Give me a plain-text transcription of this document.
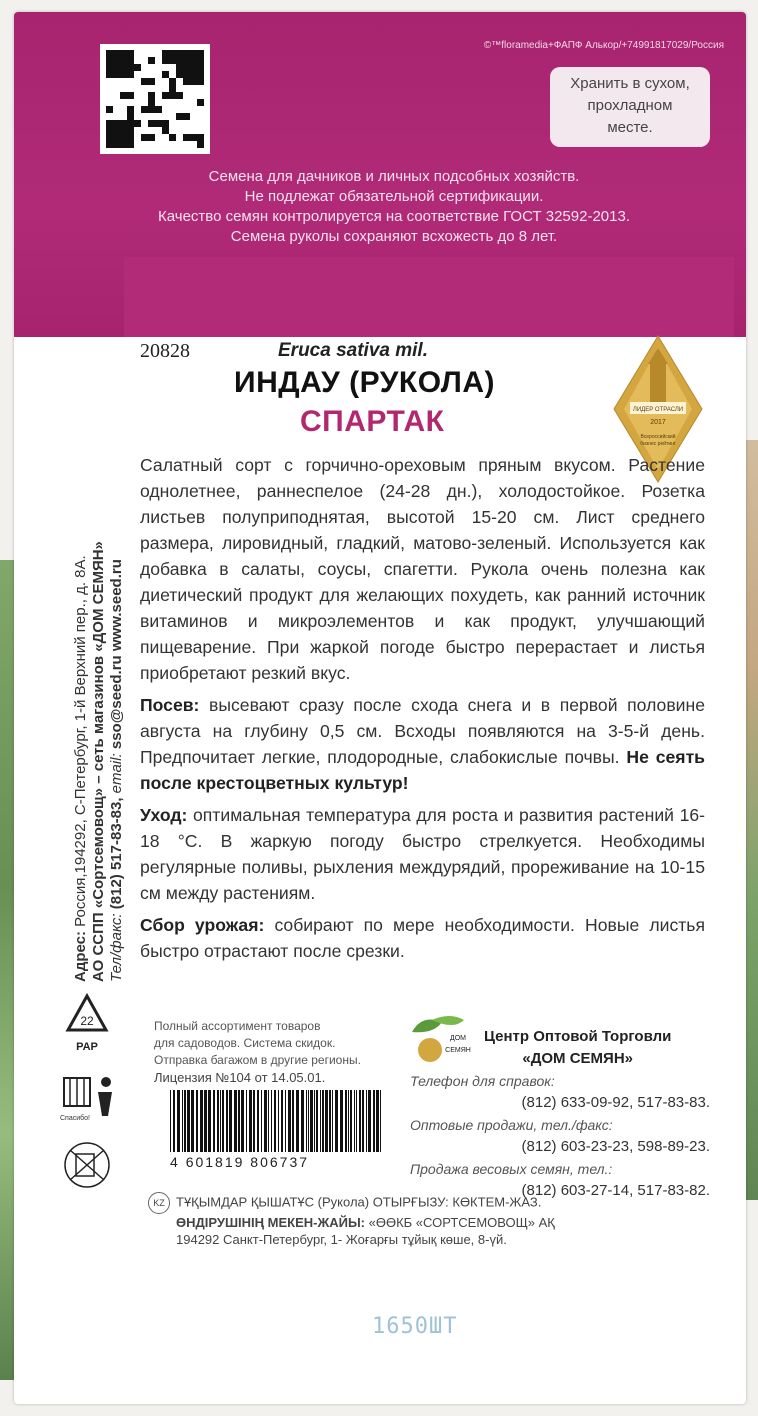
©™floramedia+ФАПФ Алькор/+74991817029/Россия
Хранить в сухом,
прохладном
месте.
Семена для дачников и личных подсобных хозяйств.
Не подлежат обязательной сертификации.
Качество семян контролируется на соответствие ГОСТ 32592-2013.
Семена руколы сохраняют всхожесть до 8 лет.
Адрес: Россия,194292, С-Петербург, 1-й Верхний пер., д. 8А. АО ССПП «Сортсемовощ» – сеть магазинов «ДОМ СЕМЯН» Тел/факс: (812) 517-83-83, email: sso@seed.ru www.seed.ru
20828	Eruca sativa mil.
ИНДАУ (РУКОЛА)
СПАРТАК	ЛИДЕР ОТРАСЛИ
2017
Всероссийский
бизнес рейтинг

Салатный сорт с горчично-ореховым пряным вкусом. Растение однолетнее, раннеспелое (24-28 дн.), холодостойкое. Розетка листьев полуприподнятая, высотой 15-20 см. Лист среднего размера, лировидный, гладкий, матово-зеленый. Используется как добавка в салаты, соусы, спагетти. Рукола очень полезна как диетический продукт для желающих похудеть, как ранний источник витаминов и микроэлементов и как продукт, улучшающий пищеварение. При жаркой погоде быстро перерастает и листья приобретают резкий вкус.

Посев: высевают сразу после схода снега и в первой половине августа на глубину 0,5 см. Всходы появляются на 3-5-й день. Предпочитает легкие, плодородные, слабокислые почвы. Не сеять после крестоцветных культур!

Уход: оптимальная температура для роста и развития растений 16-18 °С. В жаркую погоду быстро стрелкуется. Необходимы регулярные поливы, рыхления междурядий, прореживание на 10-15 см между растениям.

Сбор урожая: собирают по мере необходимости. Новые листья быстро отрастают после срезки.

22
PAP
Спасибо!
Полный ассортимент товаров
для садоводов. Система скидок.
Отправка багажом в другие регионы.
Лицензия №104 от 14.05.01.
ДОМ
СЕМЯН
Центр Оптовой Торговли
«ДОМ СЕМЯН»
Телефон для справок:
(812) 633-09-92, 517-83-83.
Оптовые продажи, тел./факс:
(812) 603-23-23, 598-89-23.
Продажа весовых семян, тел.:
(812) 603-27-14, 517-83-82.
4 601819 806737
KZ ТҰҚЫМДАР ҚЫШАТҰС (Рукола) ОТЫРҒЫЗУ: КӨКТЕМ-ЖАЗ.
ӨНДІРУШІНІҢ МЕКЕН-ЖАЙЫ: «ӨӨКБ «СОРТСЕМОВОЩ» АҚ
194292 Санкт-Петербург, 1- Жоғарғы тұйық көше, 8-үй.
1650ШТ
